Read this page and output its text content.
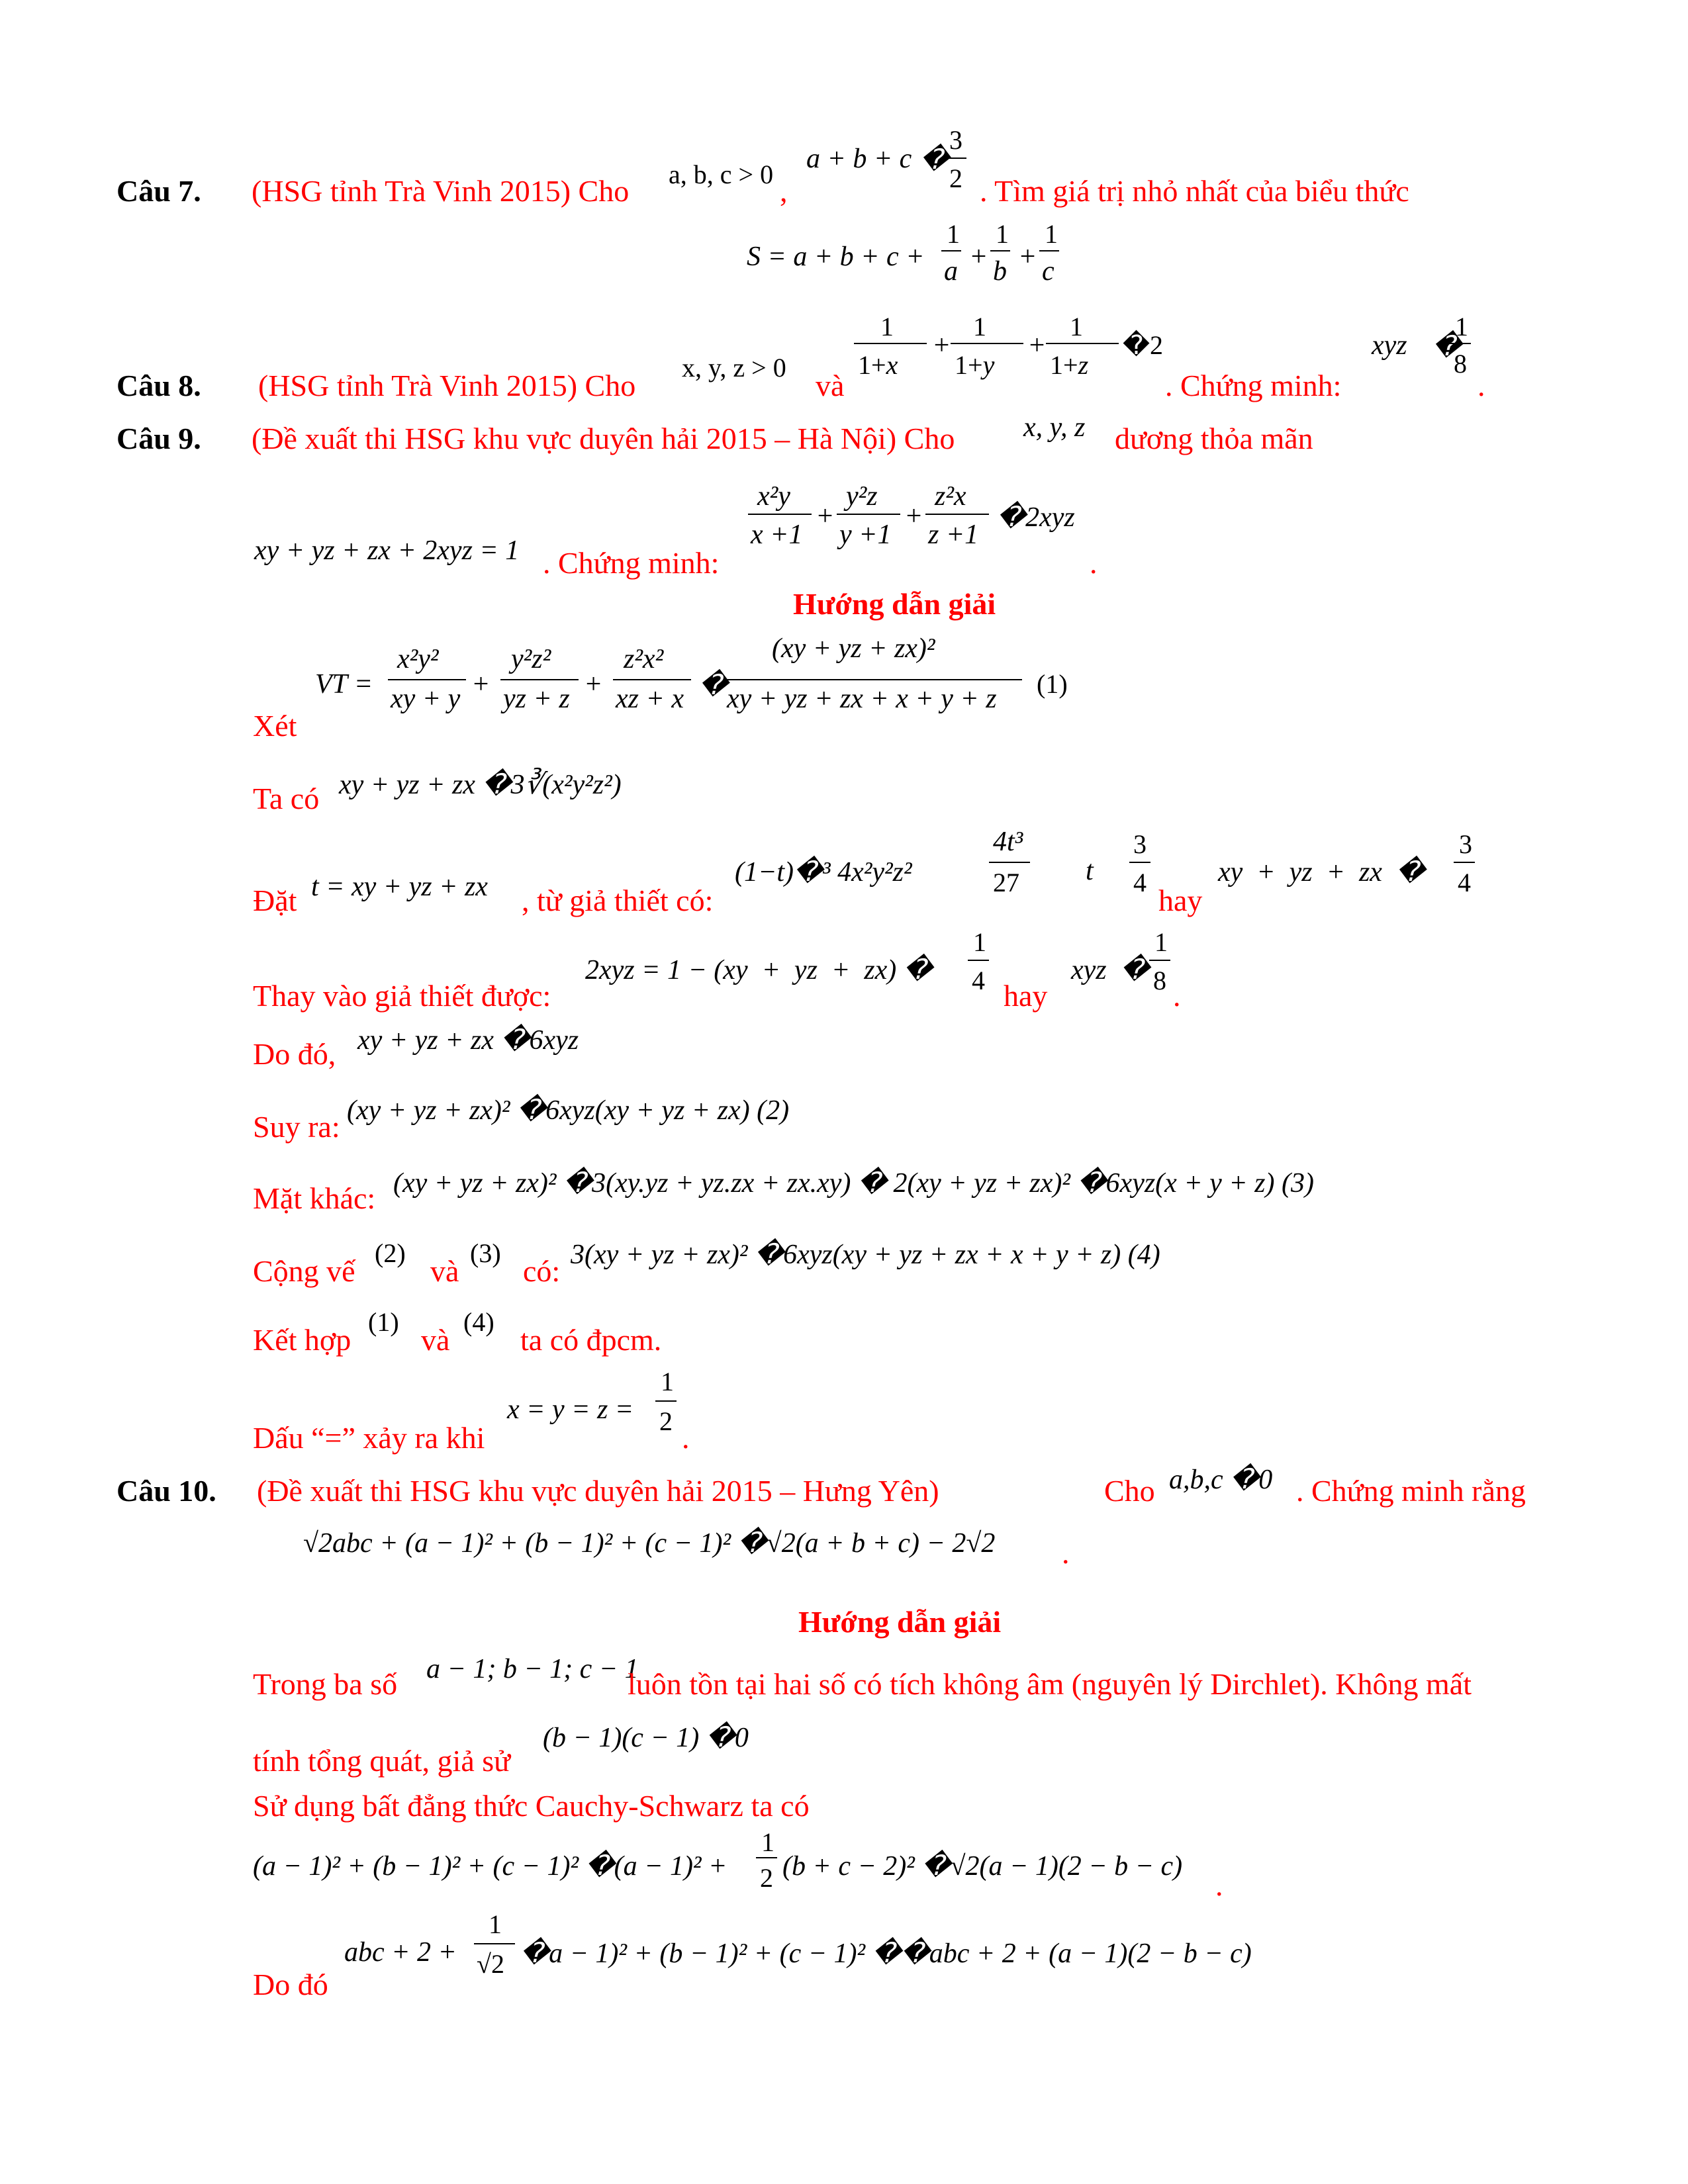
Câu 7. (HSG tỉnh Trà Vinh 2015) Cho a, b, c > 0 ,
a + b + c �
3
2 . Tìm giá trị nhỏ nhất của biểu thức
S = a + b + c +
1
a +
1
b +
1
c
Câu 8. (HSG tỉnh Trà Vinh 2015) Cho
x, y, z > 0
và
1
1+x
+
1
1+y
+
1
1+z
�2
. Chứng minh:
xyz �
1
8
.
Câu 9. (Đề xuất thi HSG khu vực duyên hải 2015 – Hà Nội) Cho x, y, z dương thỏa mãn
xy + yz + zx + 2xyz = 1 . Chứng minh:
x²y
x +1
+
y²z
y +1
+
z²x
z +1
�2xyz
.
Hướng dẫn giải
Xét
VT =
x²y²
xy + y +
y²z²
yz + z +
z²x²
xz + x �
(xy + yz + zx)²
xy + yz + zx + x + y + z (1)
Ta có xy + yz + zx �3∛(x²y²z²)
Đặt t = xy + yz + zx , từ giả thiết có:
(1−t)�³ 4x²y²z²
4t³
27 t
3
4
hay
xy  +  yz  +  zx  �
3
4
Thay vào giả thiết được:
2xyz = 1 − (xy  +  yz  +  zx) �
1
4 hay
xyz  �
1
8 .
Do đó, xy + yz + zx �6xyz
Suy ra: (xy + yz + zx)² �6xyz(xy + yz + zx) (2)
Mặt khác: (xy + yz + zx)² �3(xy.yz + yz.zx + zx.xy) � 2(xy + yz + zx)² �6xyz(x + y + z) (3)
Cộng vế
(2)
và
(3)
có: 3(xy + yz + zx)² �6xyz(xy + yz + zx + x + y + z) (4)
Kết hợp
(1)
và
(4)
ta có đpcm.
Dấu “=” xảy ra khi
x = y = z =
1
2 .
Câu 10. (Đề xuất thi HSG khu vực duyên hải 2015 – Hưng Yên)	Cho a,b,c �0 . Chứng minh rằng
√2abc + (a − 1)² + (b − 1)² + (c − 1)² �√2(a + b + c) − 2√2 .
Hướng dẫn giải
Trong ba số a − 1; b − 1; c − 1
luôn tồn tại hai số có tích không âm (nguyên lý Dirchlet). Không mất
tính tổng quát, giả sử
(b − 1)(c − 1) �0
Sử dụng bất đẳng thức Cauchy-Schwarz ta có
(a − 1)² + (b − 1)² + (c − 1)² �(a − 1)² +
1
2 (b + c − 2)² �√2(a − 1)(2 − b − c)
.
Do đó
abc + 2 +
1
√2 �a − 1)² + (b − 1)² + (c − 1)² ��abc + 2 + (a − 1)(2 − b − c)
